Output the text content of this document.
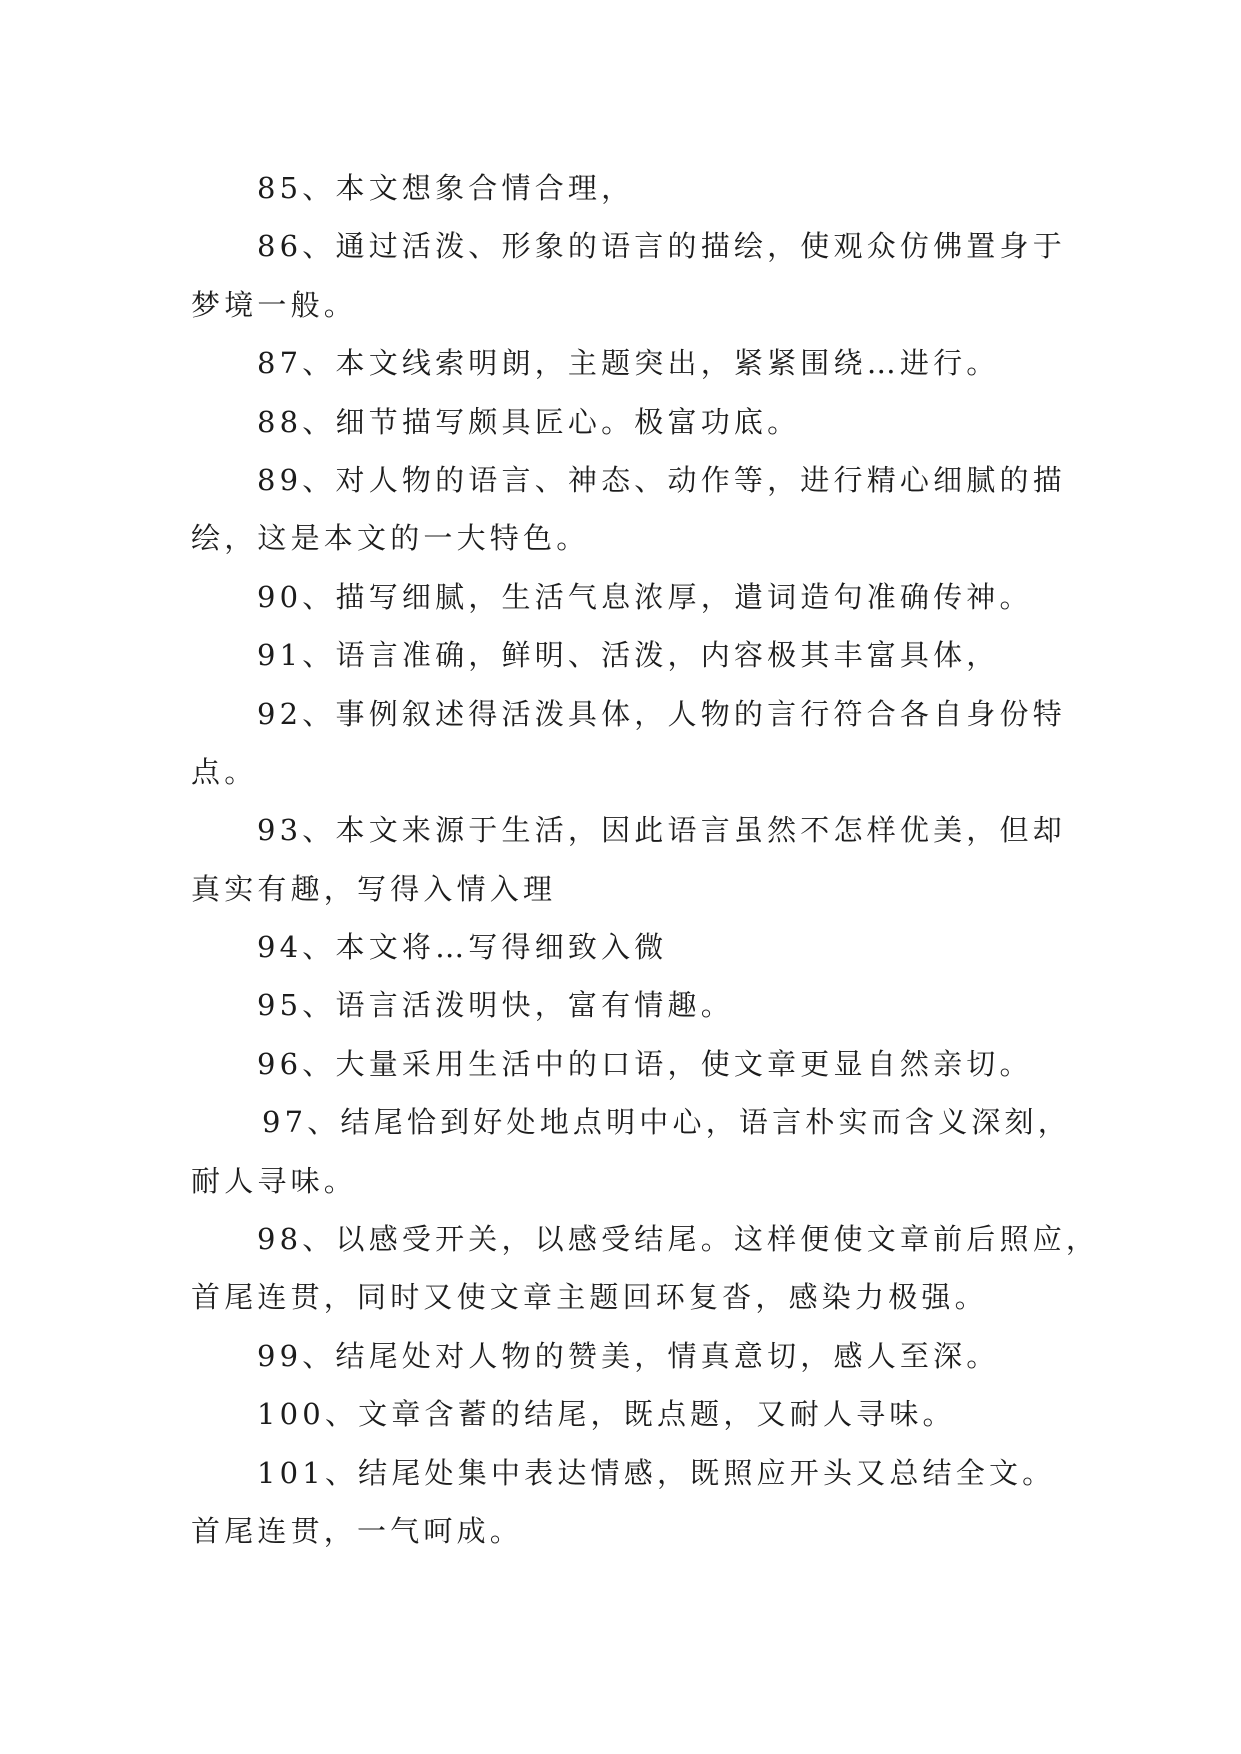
85、本文想象合情合理，
86、通过活泼、形象的语言的描绘，使观众仿佛置身于
梦境一般。
87、本文线索明朗，主题突出，紧紧围绕…进行。
88、细节描写颇具匠心。极富功底。
89、对人物的语言、神态、动作等，进行精心细腻的描
绘，这是本文的一大特色。
90、描写细腻，生活气息浓厚，遣词造句准确传神。
91、语言准确，鲜明、活泼，内容极其丰富具体，
92、事例叙述得活泼具体，人物的言行符合各自身份特
点。
93、本文来源于生活，因此语言虽然不怎样优美，但却
真实有趣，写得入情入理
94、本文将…写得细致入微
95、语言活泼明快，富有情趣。
96、大量采用生活中的口语，使文章更显自然亲切。
97、结尾恰到好处地点明中心，语言朴实而含义深刻，
耐人寻味。
98、以感受开关，以感受结尾。这样便使文章前后照应，
首尾连贯，同时又使文章主题回环复沓，感染力极强。
99、结尾处对人物的赞美，情真意切，感人至深。
100、文章含蓄的结尾，既点题，又耐人寻味。
101、结尾处集中表达情感，既照应开头又总结全文。
首尾连贯，一气呵成。
